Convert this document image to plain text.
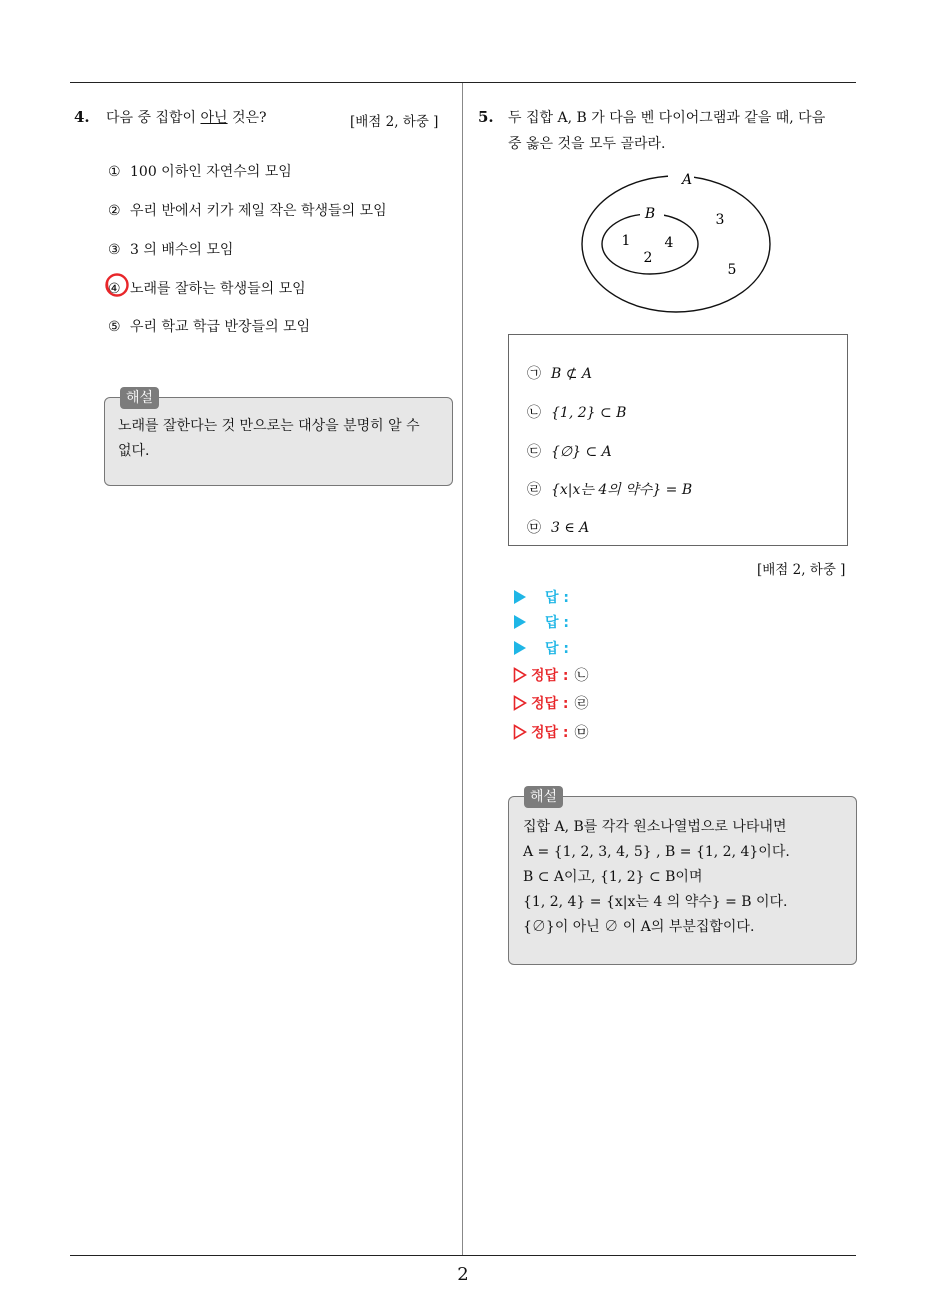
2
4. 다음 중 집합이 아닌 것은?	[배점 2, 하중 ]
① 100 이하인 자연수의 모임
② 우리 반에서 키가 제일 작은 학생들의 모임
③ 3 의 배수의 모임
④ 노래를 잘하는 학생들의 모임
⑤ 우리 학교 학급 반장들의 모임
노래를 잘한다는 것 만으로는 대상을 분명히 알 수
없다.
해설
5. 두 집합 A, B 가 다음 벤 다이어그램과 같을 때, 다음
중 옳은 것을 모두 골라라.
A
B
1 4
2
3
5
㉠ B ⊄ A
㉡ {1, 2} ⊂ B
㉢ {∅} ⊂ A
㉣ {x|x는 4의 약수} = B
㉤ 3 ∈ A
[배점 2, 하중 ]
답 :
답 :
답 :
정답 : ㉡
정답 : ㉣
정답 : ㉤
집합 A, B를 각각 원소나열법으로 나타내면
A = {1, 2, 3, 4, 5} , B = {1, 2, 4}이다.
B ⊂ A이고, {1, 2} ⊂ B이며
{1, 2, 4} = {x|x는 4 의 약수} = B 이다.
{∅}이 아닌 ∅ 이 A의 부분집합이다.
해설
